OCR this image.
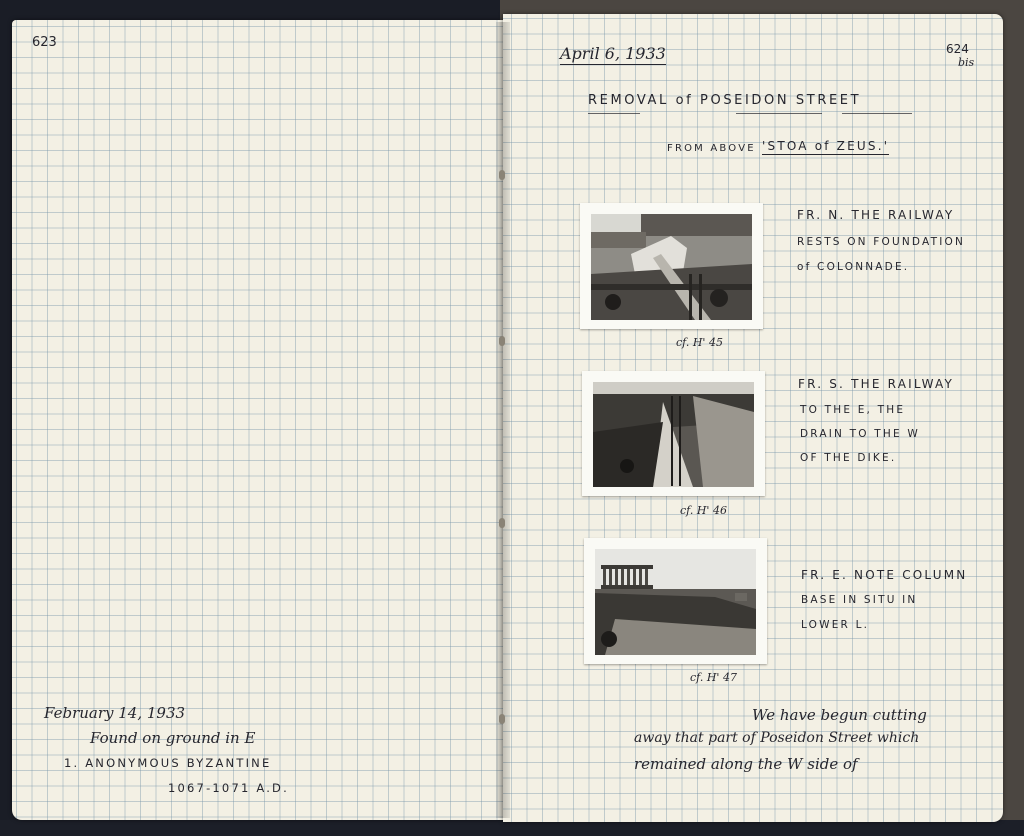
623
February 14, 1933
Found on ground in E
1. ANONYMOUS BYZANTINE
1067-1071 A.D.
April 6, 1933	624
bis
REMOVAL of POSEIDON STREET
FROM ABOVE 'STOA of ZEUS.'
cf. H' 45
FR. N. THE RAILWAY
RESTS ON FOUNDATION
of COLONNADE.
cf. H' 46
FR. S. THE RAILWAY
TO THE E, THE
DRAIN TO THE W
OF THE DIKE.
cf. H' 47
FR. E. NOTE COLUMN
BASE IN SITU IN
LOWER L.
We have begun cutting
away that part of Poseidon Street which
remained along the W side of
